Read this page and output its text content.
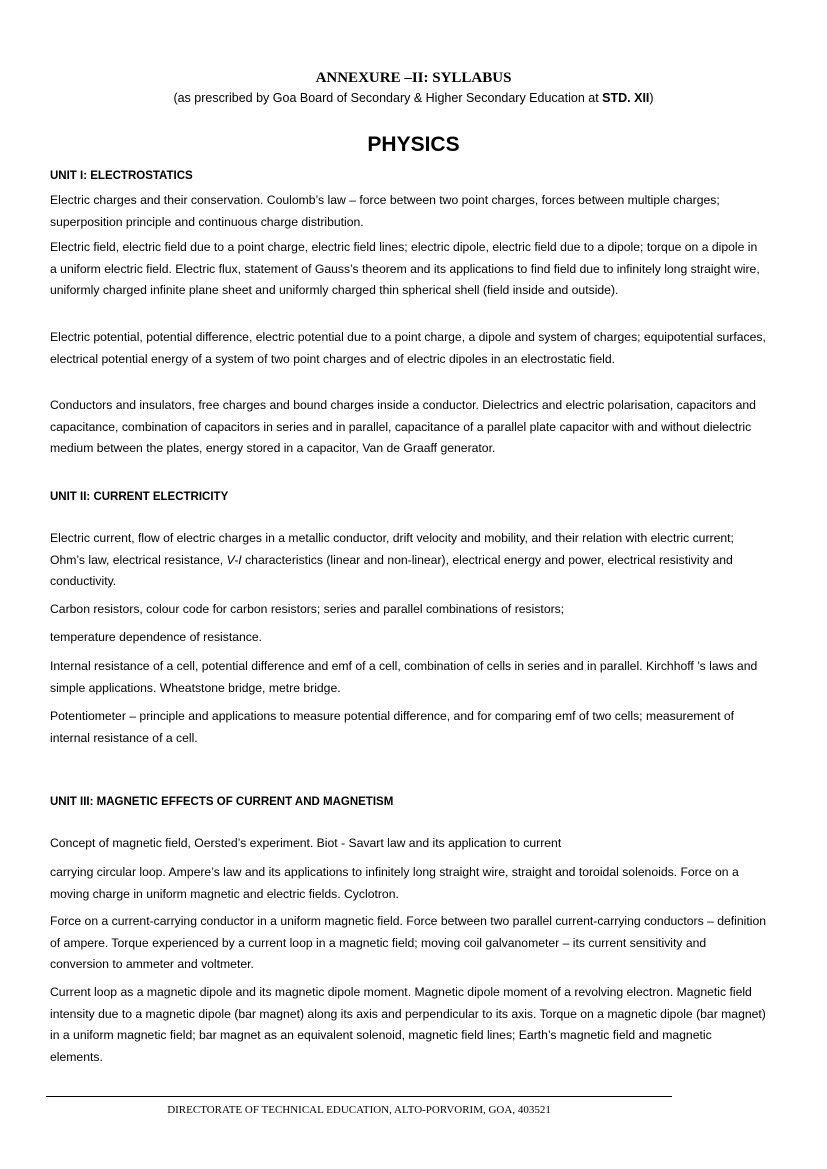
ANNEXURE –II: SYLLABUS
(as prescribed by Goa Board of Secondary & Higher Secondary Education at STD. XII)
PHYSICS

UNIT I: ELECTROSTATICS

Electric charges and their conservation. Coulomb’s law – force between two point charges, forces between multiple charges; superposition principle and continuous charge distribution.
Electric field, electric field due to a point charge, electric field lines; electric dipole, electric field due to a dipole; torque on a dipole in a uniform electric field. Electric flux, statement of Gauss’s theorem and its applications to find field due to infinitely long straight wire, uniformly charged infinite plane sheet and uniformly charged thin spherical shell (field inside and outside).
Electric potential, potential difference, electric potential due to a point charge, a dipole and system of charges; equipotential surfaces, electrical potential energy of a system of two point charges and of electric dipoles in an electrostatic field.
Conductors and insulators, free charges and bound charges inside a conductor. Dielectrics and electric polarisation, capacitors and capacitance, combination of capacitors in series and in parallel, capacitance of a parallel plate capacitor with and without dielectric medium between the plates, energy stored in a capacitor, Van de Graaff generator.

UNIT II: CURRENT ELECTRICITY

Electric current, flow of electric charges in a metallic conductor, drift velocity and mobility, and their relation with electric current; Ohm’s law, electrical resistance, V-I characteristics (linear and non-linear), electrical energy and power, electrical resistivity and conductivity.
Carbon resistors, colour code for carbon resistors; series and parallel combinations of resistors;
temperature dependence of resistance.
Internal resistance of a cell, potential difference and emf of a cell, combination of cells in series and in parallel. Kirchhoff ’s laws and simple applications. Wheatstone bridge, metre bridge.
Potentiometer – principle and applications to measure potential difference, and for comparing emf of two cells; measurement of internal resistance of a cell.

UNIT III: MAGNETIC EFFECTS OF CURRENT AND MAGNETISM

Concept of magnetic field, Oersted’s experiment. Biot - Savart law and its application to current
carrying circular loop. Ampere’s law and its applications to infinitely long straight wire, straight and toroidal solenoids. Force on a moving charge in uniform magnetic and electric fields. Cyclotron.
Force on a current-carrying conductor in a uniform magnetic field. Force between two parallel current-carrying conductors – definition of ampere. Torque experienced by a current loop in a magnetic field; moving coil galvanometer – its current sensitivity and conversion to ammeter and voltmeter.
Current loop as a magnetic dipole and its magnetic dipole moment. Magnetic dipole moment of a revolving electron. Magnetic field intensity due to a magnetic dipole (bar magnet) along its axis and perpendicular to its axis. Torque on a magnetic dipole (bar magnet) in a uniform magnetic field; bar magnet as an equivalent solenoid, magnetic field lines; Earth’s magnetic field and magnetic elements.
DIRECTORATE OF TECHNICAL EDUCATION, ALTO-PORVORIM, GOA, 403521
